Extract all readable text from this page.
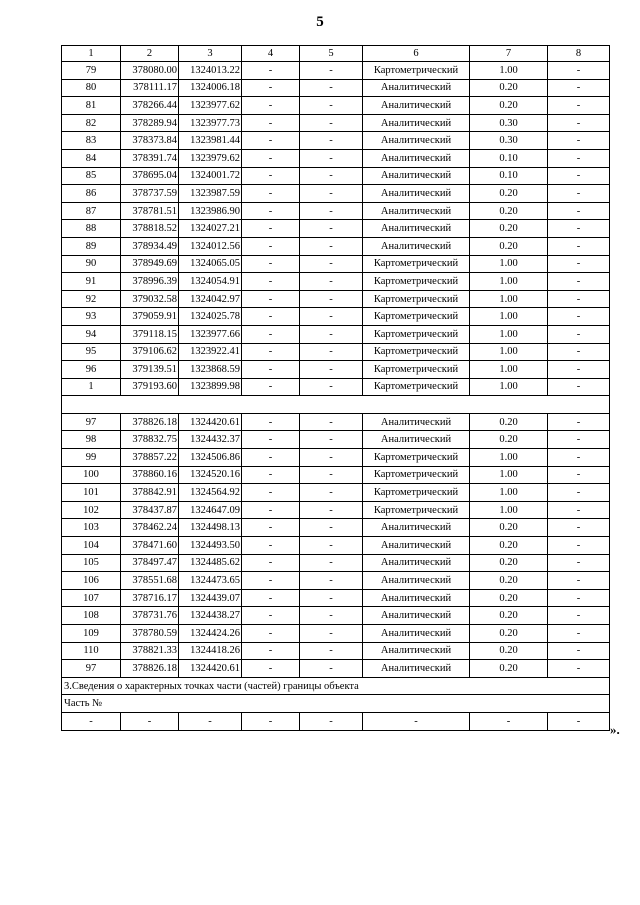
5
1	2	3	4	5	6	7	8
79	378080.00	1324013.22	-	-	Картометрический	1.00	-
80	378111.17	1324006.18	-	-	Аналитический	0.20	-
81	378266.44	1323977.62	-	-	Аналитический	0.20	-
82	378289.94	1323977.73	-	-	Аналитический	0.30	-
83	378373.84	1323981.44	-	-	Аналитический	0.30	-
84	378391.74	1323979.62	-	-	Аналитический	0.10	-
85	378695.04	1324001.72	-	-	Аналитический	0.10	-
86	378737.59	1323987.59	-	-	Аналитический	0.20	-
87	378781.51	1323986.90	-	-	Аналитический	0.20	-
88	378818.52	1324027.21	-	-	Аналитический	0.20	-
89	378934.49	1324012.56	-	-	Аналитический	0.20	-
90	378949.69	1324065.05	-	-	Картометрический	1.00	-
91	378996.39	1324054.91	-	-	Картометрический	1.00	-
92	379032.58	1324042.97	-	-	Картометрический	1.00	-
93	379059.91	1324025.78	-	-	Картометрический	1.00	-
94	379118.15	1323977.66	-	-	Картометрический	1.00	-
95	379106.62	1323922.41	-	-	Картометрический	1.00	-
96	379139.51	1323868.59	-	-	Картометрический	1.00	-
1	379193.60	1323899.98	-	-	Картометрический	1.00	-

97	378826.18	1324420.61	-	-	Аналитический	0.20	-
98	378832.75	1324432.37	-	-	Аналитический	0.20	-
99	378857.22	1324506.86	-	-	Картометрический	1.00	-
100	378860.16	1324520.16	-	-	Картометрический	1.00	-
101	378842.91	1324564.92	-	-	Картометрический	1.00	-
102	378437.87	1324647.09	-	-	Картометрический	1.00	-
103	378462.24	1324498.13	-	-	Аналитический	0.20	-
104	378471.60	1324493.50	-	-	Аналитический	0.20	-
105	378497.47	1324485.62	-	-	Аналитический	0.20	-
106	378551.68	1324473.65	-	-	Аналитический	0.20	-
107	378716.17	1324439.07	-	-	Аналитический	0.20	-
108	378731.76	1324438.27	-	-	Аналитический	0.20	-
109	378780.59	1324424.26	-	-	Аналитический	0.20	-
110	378821.33	1324418.26	-	-	Аналитический	0.20	-
97	378826.18	1324420.61	-	-	Аналитический	0.20	-
3.Сведения о характерных точках части (частей) границы объекта							
Часть №							
-	-	-	-	-	-	-	-
».
